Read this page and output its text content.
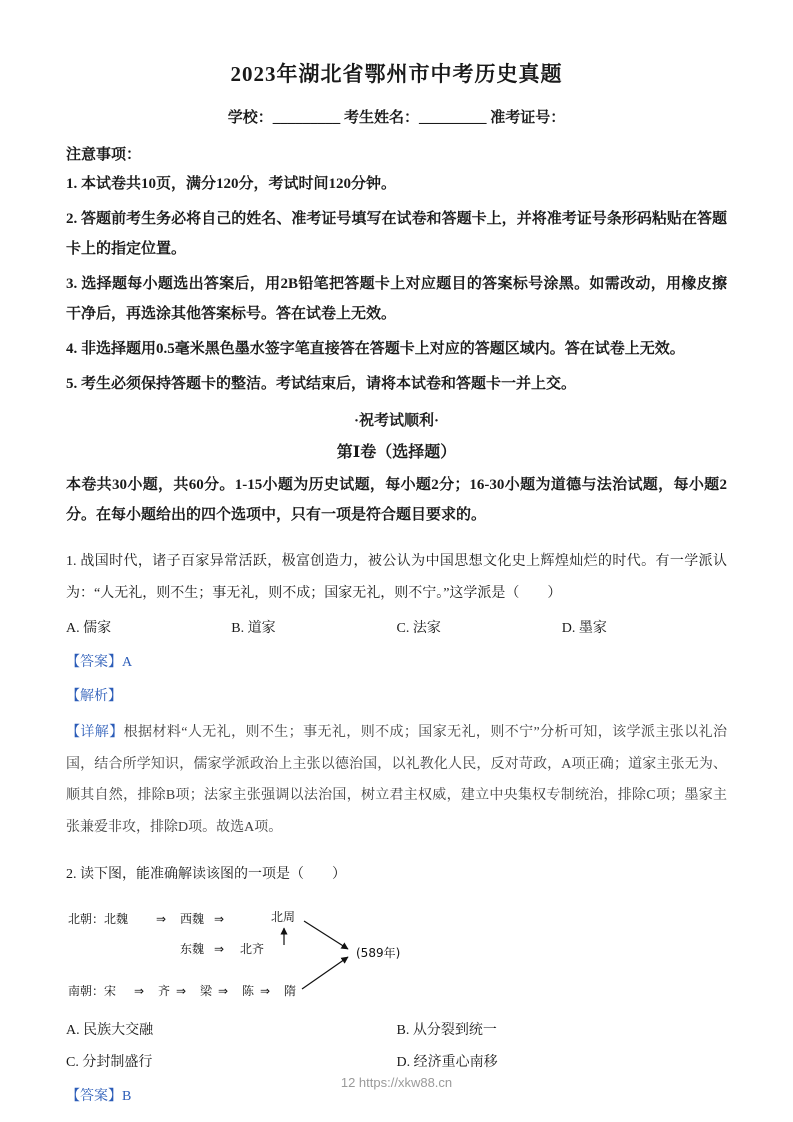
2023年湖北省鄂州市中考历史真题
学校：_________ 考生姓名：_________ 准考证号：
注意事项：

1. 本试卷共10页，满分120分，考试时间120分钟。

2. 答题前考生务必将自己的姓名、准考证号填写在试卷和答题卡上，并将准考证号条形码粘贴在答题卡上的指定位置。

3. 选择题每小题选出答案后，用2B铅笔把答题卡上对应题目的答案标号涂黑。如需改动，用橡皮擦干净后，再选涂其他答案标号。答在试卷上无效。

4. 非选择题用0.5毫米黑色墨水签字笔直接答在答题卡上对应的答题区域内。答在试卷上无效。

5. 考生必须保持答题卡的整洁。考试结束后，请将本试卷和答题卡一并上交。

·祝考试顺利·
第Ⅰ卷（选择题）

本卷共30小题，共60分。1-15小题为历史试题，每小题2分；16-30小题为道德与法治试题，每小题2分。在每小题给出的四个选项中，只有一项是符合题目要求的。

1. 战国时代，诸子百家异常活跃，极富创造力，被公认为中国思想文化史上辉煌灿烂的时代。有一学派认为：“人无礼，则不生；事无礼，则不成；国家无礼，则不宁。”这学派是（　　）

A. 儒家	B. 道家	C. 法家	D. 墨家

【答案】A

【解析】

【详解】根据材料“人无礼，则不生；事无礼，则不成；国家无礼，则不宁”分析可知，该学派主张以礼治国，结合所学知识，儒家学派政治上主张以德治国，以礼教化人民，反对苛政，A项正确；道家主张无为、顺其自然，排除B项；法家主张强调以法治国，树立君主权威，建立中央集权专制统治，排除C项；墨家主张兼爱非攻，排除D项。故选A项。

2. 读下图，能准确解读该图的一项是（　　）

北朝：北魏 ⇒ 西魏 ⇒	北周
东魏 ⇒ 北齐	(589年)
南朝：宋 ⇒ 齐 ⇒ 梁 ⇒ 陈 ⇒ 隋
A. 民族大交融	B. 从分裂到统一
C. 分封制盛行	D. 经济重心南移

【答案】B

12 https://xkw88.cn
